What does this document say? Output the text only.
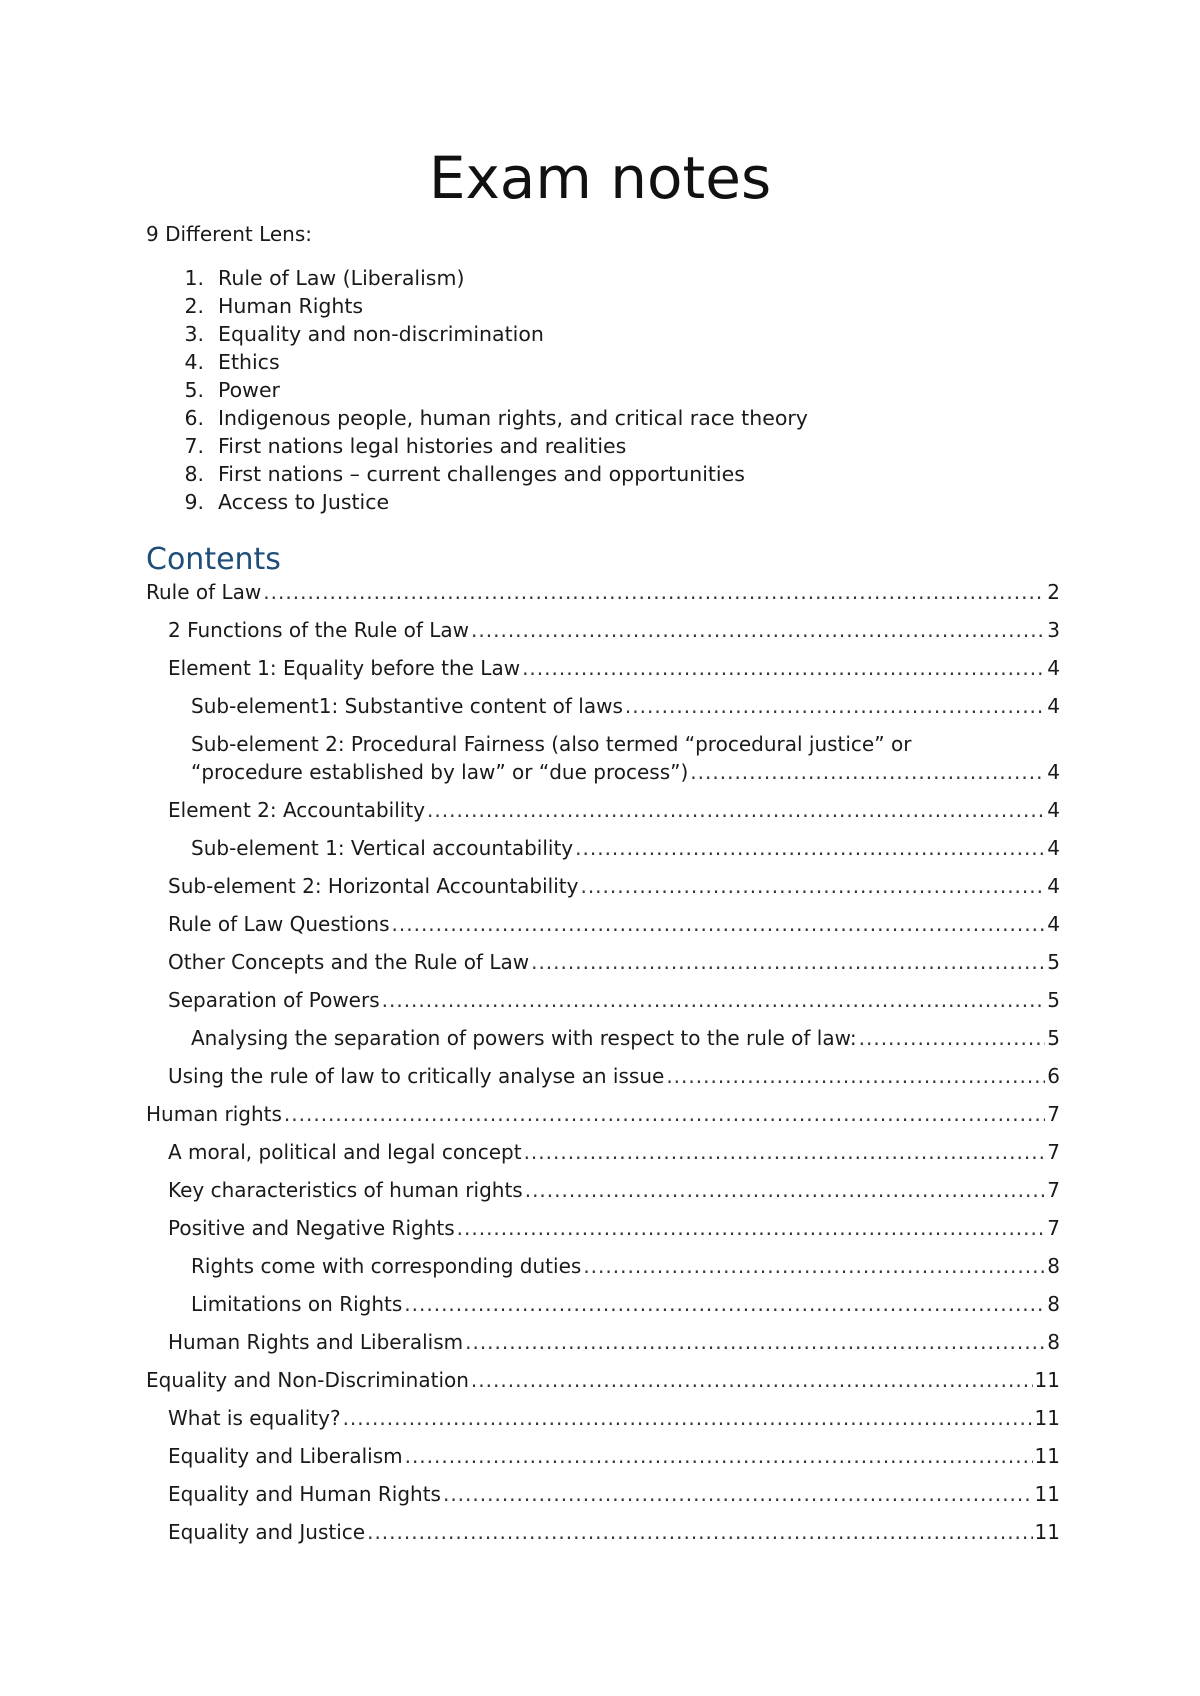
Exam notes
9 Different Lens:
1. Rule of Law (Liberalism)
2. Human Rights
3. Equality and non-discrimination
4. Ethics
5. Power
6. Indigenous people, human rights, and critical race theory
7. First nations legal histories and realities
8. First nations – current challenges and opportunities
9. Access to Justice
Contents
Rule of Law .....	2
2 Functions of the Rule of Law .....	3
Element 1: Equality before the Law .....	4
Sub-element1: Substantive content of laws .....	4
Sub-element 2: Procedural Fairness (also termed “procedural justice” or
“procedure established by law” or “due process”) .....	4
Element 2: Accountability .....	4
Sub-element 1: Vertical accountability .....	4
Sub-element 2: Horizontal Accountability .....	4
Rule of Law Questions .....	4
Other Concepts and the Rule of Law .....	5
Separation of Powers .....	5
Analysing the separation of powers with respect to the rule of law: .....	5
Using the rule of law to critically analyse an issue .....	6
Human rights .....	7
A moral, political and legal concept .....	7
Key characteristics of human rights .....	7
Positive and Negative Rights .....	7
Rights come with corresponding duties .....	8
Limitations on Rights .....	8
Human Rights and Liberalism .....	8
Equality and Non-Discrimination .....	11
What is equality? .....	11
Equality and Liberalism .....	11
Equality and Human Rights .....	11
Equality and Justice .....	11
